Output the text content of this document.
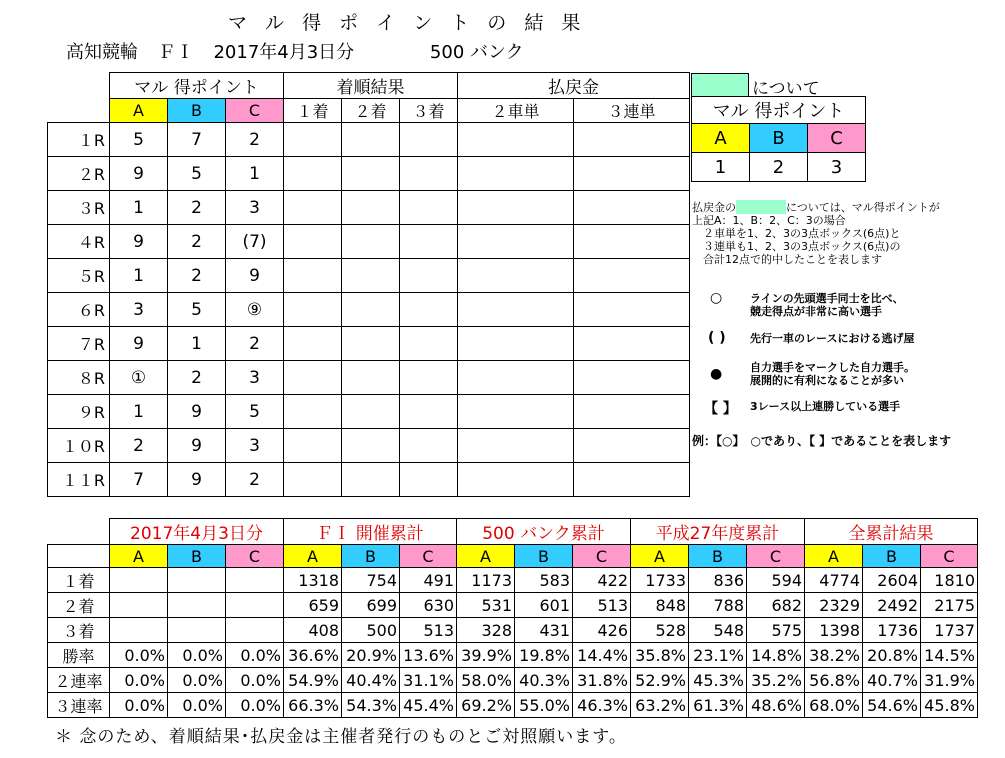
マ ル 得 ポ イ ン ト の 結 果
高知競輪 ＦＩ 2017年4月3日分	500 バンク
	マル 得ポイント			着順結果			払戻金	
	A	B	C	１着	２着	３着	２車単	３連単
１R	5	7	2					
２R	9	5	1					
３R	1	2	3					
４R	9	2	(7)					
５R	1	2	9					
６R	3	5	⑨					
７R	9	1	2					
８R	①	2	3					
９R	1	9	5					
１０R	2	9	3					
１１R	7	9	2					
について
マル 得ポイント		
A	B	C
1	2	3
払戻金の	については、マル得ポイントが
上記A：1、B：2、C：3の場合
　２車単を1、2、3の3点ボックス(6点)と
　３連単も1、2、3の3点ボックス(6点)の
　合計12点で的中したことを表します
○	ラインの先頭選手同士を比べ、
競走得点が非常に高い選手
( ) 先行一車のレースにおける逃げ屋
●	自力選手をマークした自力選手。
展開的に有利になることが多い
【 】 3レース以上連勝している選手
例：【○】　○であり、【 】であることを表します
	2017年4月3日分			ＦＩ 開催累計			500 バンク累計			平成27年度累計			全累計結果		
	A	B	C	A	B	C	A	B	C	A	B	C	A	B	C
１着				1318	754	491	1173	583	422	1733	836	594	4774	2604	1810
２着				659	699	630	531	601	513	848	788	682	2329	2492	2175
３着				408	500	513	328	431	426	528	548	575	1398	1736	1737
勝率	0.0%	0.0%	0.0%	36.6%	20.9%	13.6%	39.9%	19.8%	14.4%	35.8%	23.1%	14.8%	38.2%	20.8%	14.5%
２連率	0.0%	0.0%	0.0%	54.9%	40.4%	31.1%	58.0%	40.3%	31.8%	52.9%	45.3%	35.2%	56.8%	40.7%	31.9%
３連率	0.0%	0.0%	0.0%	66.3%	54.3%	45.4%	69.2%	55.0%	46.3%	63.2%	61.3%	48.6%	68.0%	54.6%	45.8%
＊ 念のため、着順結果･払戻金は主催者発行のものとご対照願います。
